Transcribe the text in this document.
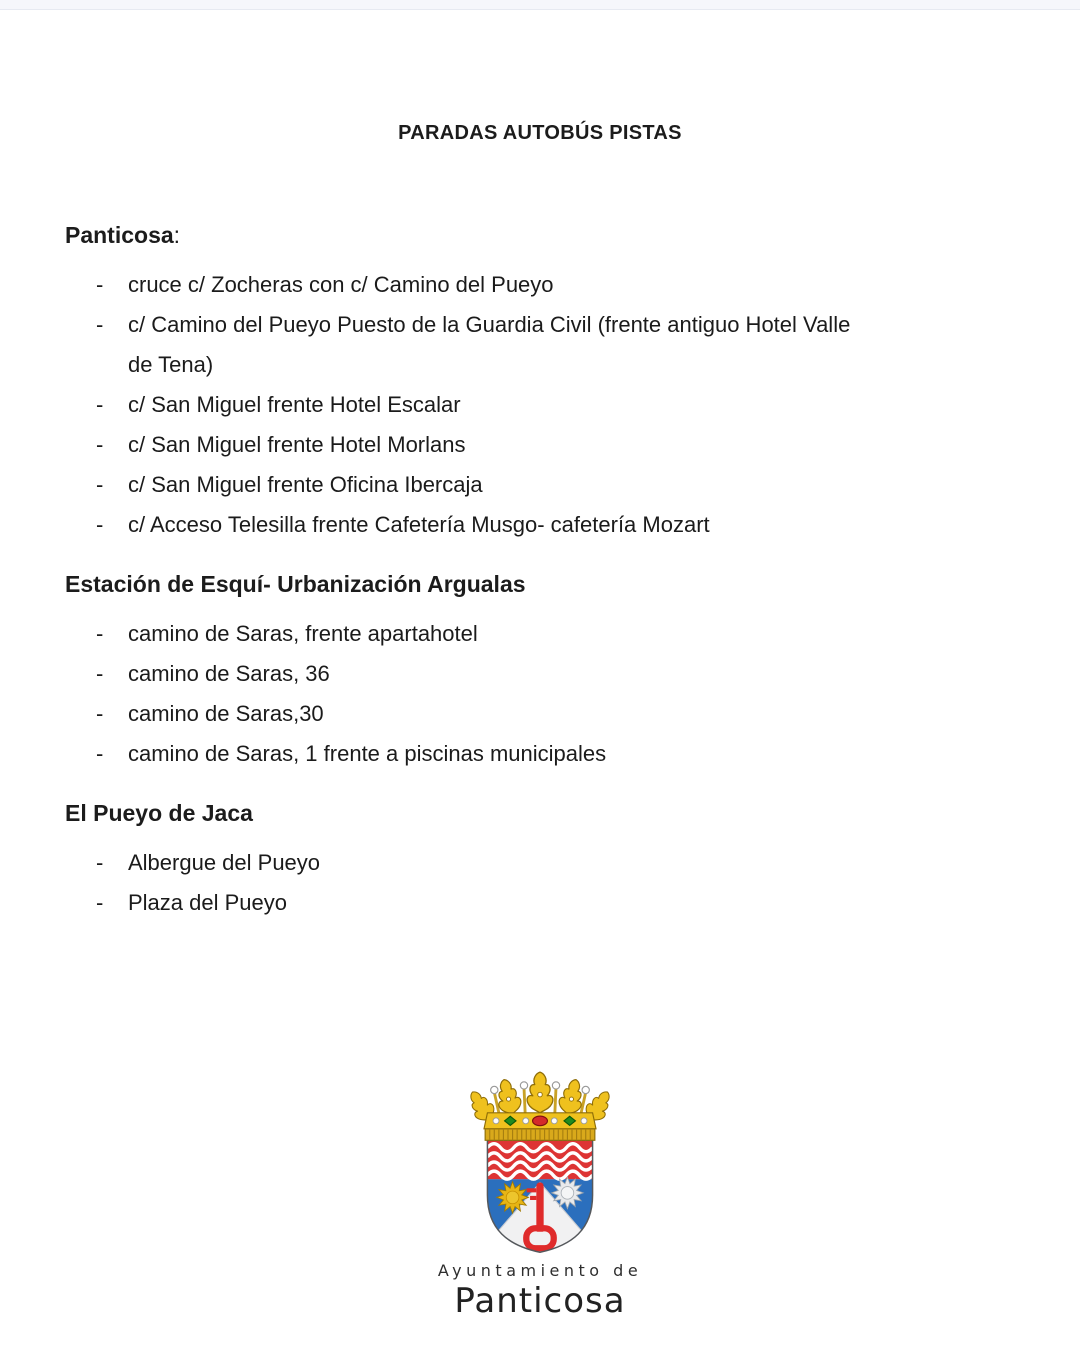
PARADAS AUTOBÚS PISTAS
Panticosa:
- cruce c/ Zocheras con c/ Camino del Pueyo
- c/ Camino del Pueyo Puesto de la Guardia Civil (frente antiguo Hotel Valle de Tena)
- c/ San Miguel frente Hotel Escalar
- c/ San Miguel frente Hotel Morlans
- c/ San Miguel frente Oficina Ibercaja
- c/ Acceso Telesilla frente Cafetería Musgo- cafetería Mozart
Estación de Esquí- Urbanización Argualas
- camino de Saras, frente apartahotel
- camino de Saras, 36
- camino de Saras,30
- camino de Saras, 1 frente a piscinas municipales
El Pueyo de Jaca
- Albergue del Pueyo
- Plaza del Pueyo
Ayuntamiento de
Panticosa
